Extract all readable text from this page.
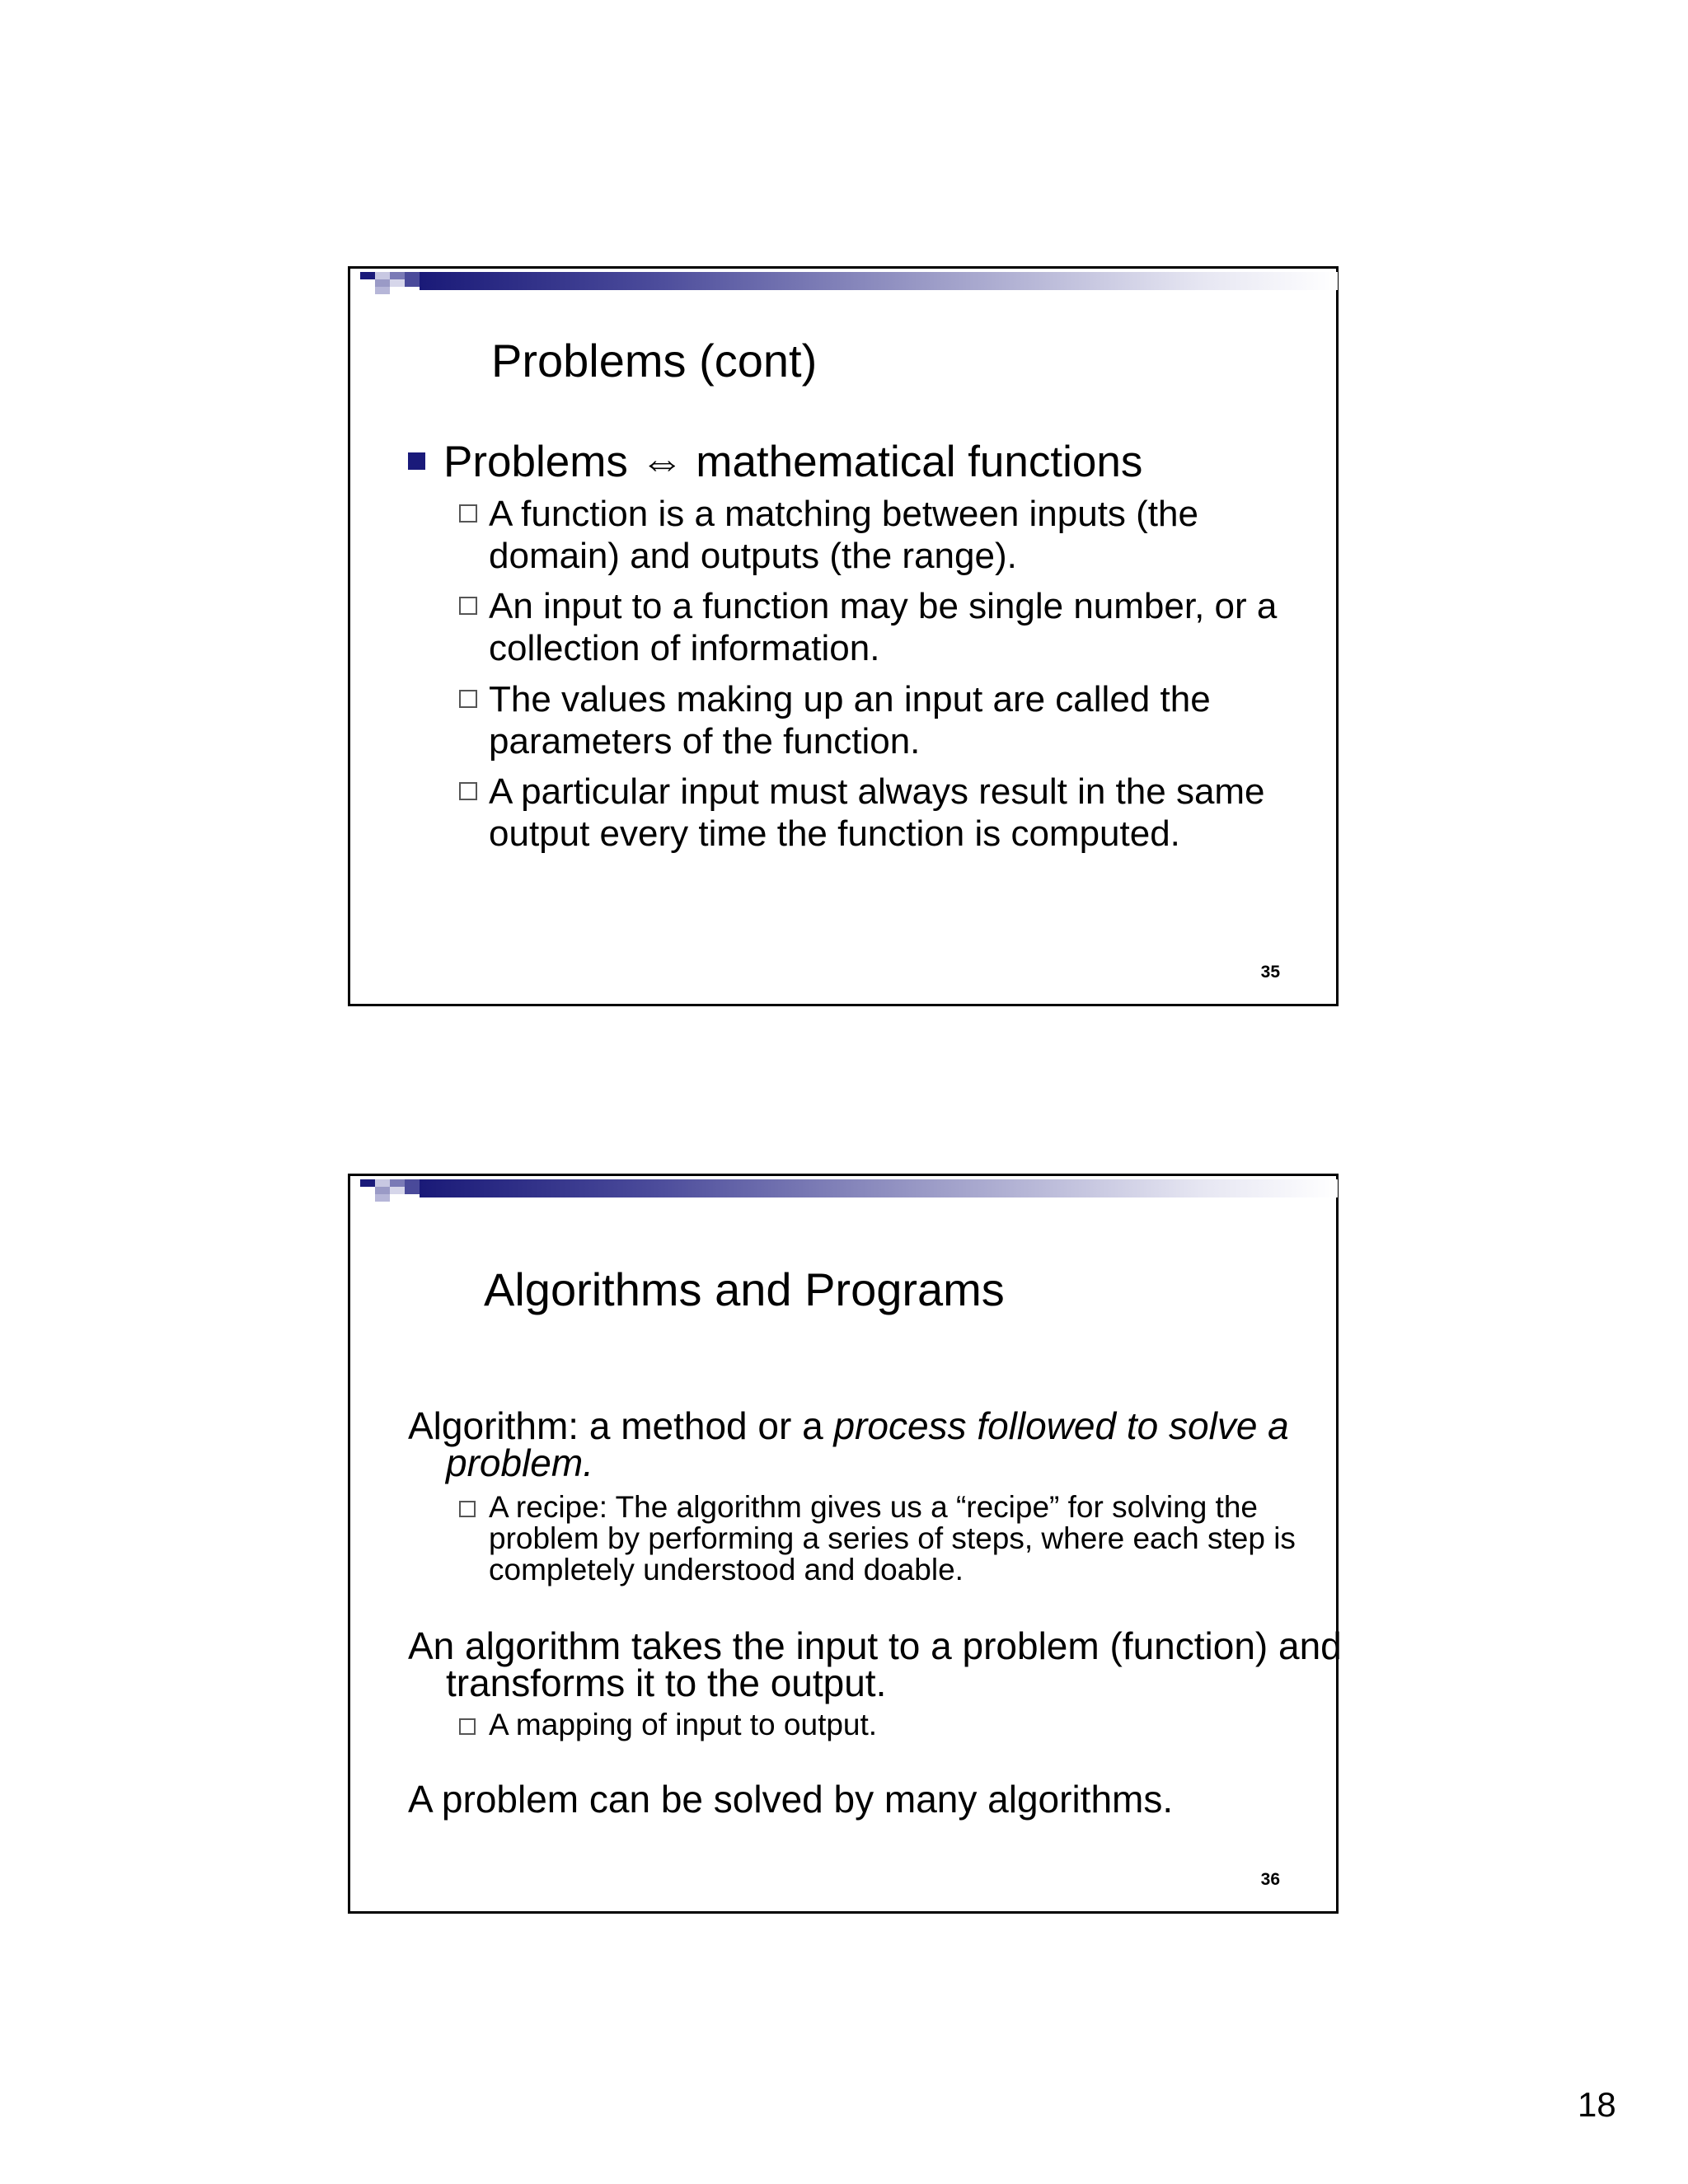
Problems (cont)
Problems ⇔ mathematical functions
A function is a matching between inputs (the domain) and outputs (the range).
An input to a function may be single number, or a collection of information.
The values making up an input are called the parameters of the function.
A particular input must always result in the same output every time the function is computed.
35
Algorithms and Programs
Algorithm: a method or a process followed to solve a problem.
A recipe: The algorithm gives us a “recipe” for solving the problem by performing a series of steps, where each step is completely understood and doable.
An algorithm takes the input to a problem (function) and transforms it to the output.
A mapping of input to output.
A problem can be solved by many algorithms.
36
18
